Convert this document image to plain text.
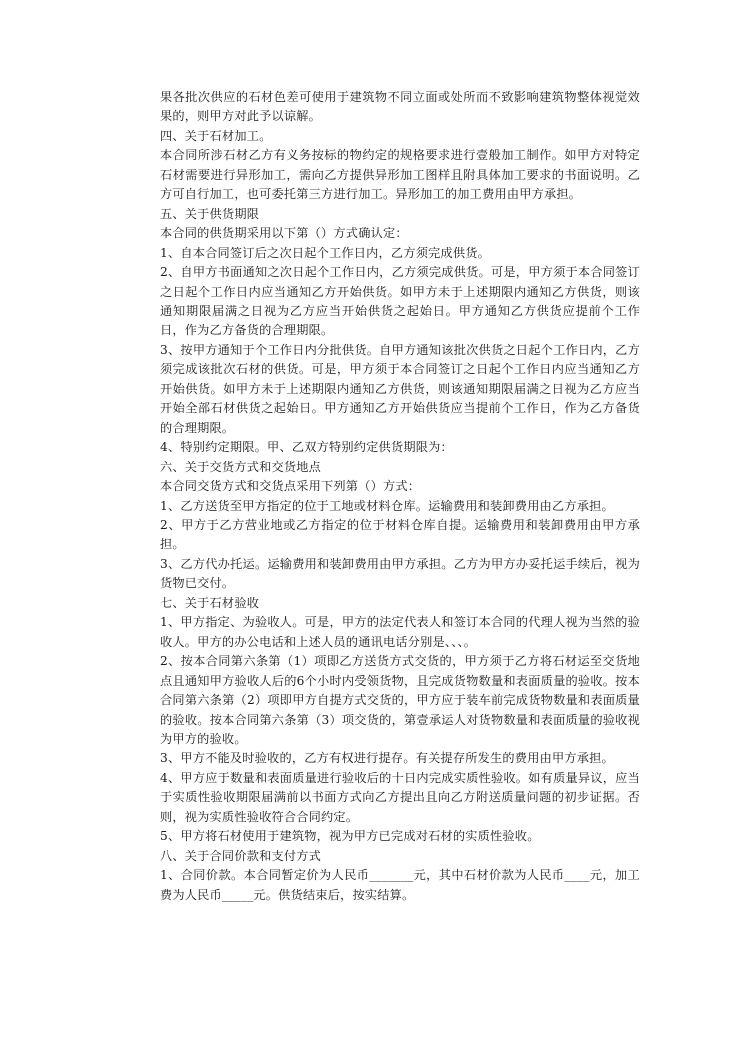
果各批次供应的石材色差可使用于建筑物不同立面或处所而不致影响建筑物整体视觉效果的，则甲方对此予以谅解。

四、关于石材加工。

本合同所涉石材乙方有义务按标的物约定的规格要求进行壹般加工制作。如甲方对特定石材需要进行异形加工，需向乙方提供异形加工图样且附具体加工要求的书面说明。乙方可自行加工，也可委托第三方进行加工。异形加工的加工费用由甲方承担。

五、关于供货期限

本合同的供货期采用以下第（）方式确认定：

1、自本合同签订后之次日起个工作日内，乙方须完成供货。

2、自甲方书面通知之次日起个工作日内，乙方须完成供货。可是，甲方须于本合同签订之日起个工作日内应当通知乙方开始供货。如甲方未于上述期限内通知乙方供货，则该通知期限届满之日视为乙方应当开始供货之起始日。甲方通知乙方供货应提前个工作日，作为乙方备货的合理期限。

3、按甲方通知于个工作日内分批供货。自甲方通知该批次供货之日起个工作日内，乙方须完成该批次石材的供货。可是，甲方须于本合同签订之日起个工作日内应当通知乙方开始供货。如甲方未于上述期限内通知乙方供货，则该通知期限届满之日视为乙方应当开始全部石材供货之起始日。甲方通知乙方开始供货应当提前个工作日，作为乙方备货的合理期限。

4、特别约定期限。甲、乙双方特别约定供货期限为：

六、关于交货方式和交货地点

本合同交货方式和交货点采用下列第（）方式：

1、乙方送货至甲方指定的位于工地或材料仓库。运输费用和装卸费用由乙方承担。

2、甲方于乙方营业地或乙方指定的位于材料仓库自提。运输费用和装卸费用由甲方承担。

3、乙方代办托运。运输费用和装卸费用由甲方承担。乙方为甲方办妥托运手续后，视为货物已交付。

七、关于石材验收

1、甲方指定、为验收人。可是，甲方的法定代表人和签订本合同的代理人视为当然的验收人。甲方的办公电话和上述人员的通讯电话分别是、、、。

2、按本合同第六条第（1）项即乙方送货方式交货的，甲方须于乙方将石材运至交货地点且通知甲方验收人后的6个小时内受领货物，且完成货物数量和表面质量的验收。按本合同第六条第（2）项即甲方自提方式交货的，甲方应于装车前完成货物数量和表面质量的验收。按本合同第六条第（3）项交货的，第壹承运人对货物数量和表面质量的验收视为甲方的验收。

3、甲方不能及时验收的，乙方有权进行提存。有关提存所发生的费用由甲方承担。

4、甲方应于数量和表面质量进行验收后的十日内完成实质性验收。如有质量异议，应当于实质性验收期限届满前以书面方式向乙方提出且向乙方附送质量问题的初步证据。否则，视为实质性验收符合合同约定。

5、甲方将石材使用于建筑物，视为甲方已完成对石材的实质性验收。

八、关于合同价款和支付方式

1、合同价款。本合同暂定价为人民币_______元，其中石材价款为人民币____元，加工费为人民币_____元。供货结束后，按实结算。
